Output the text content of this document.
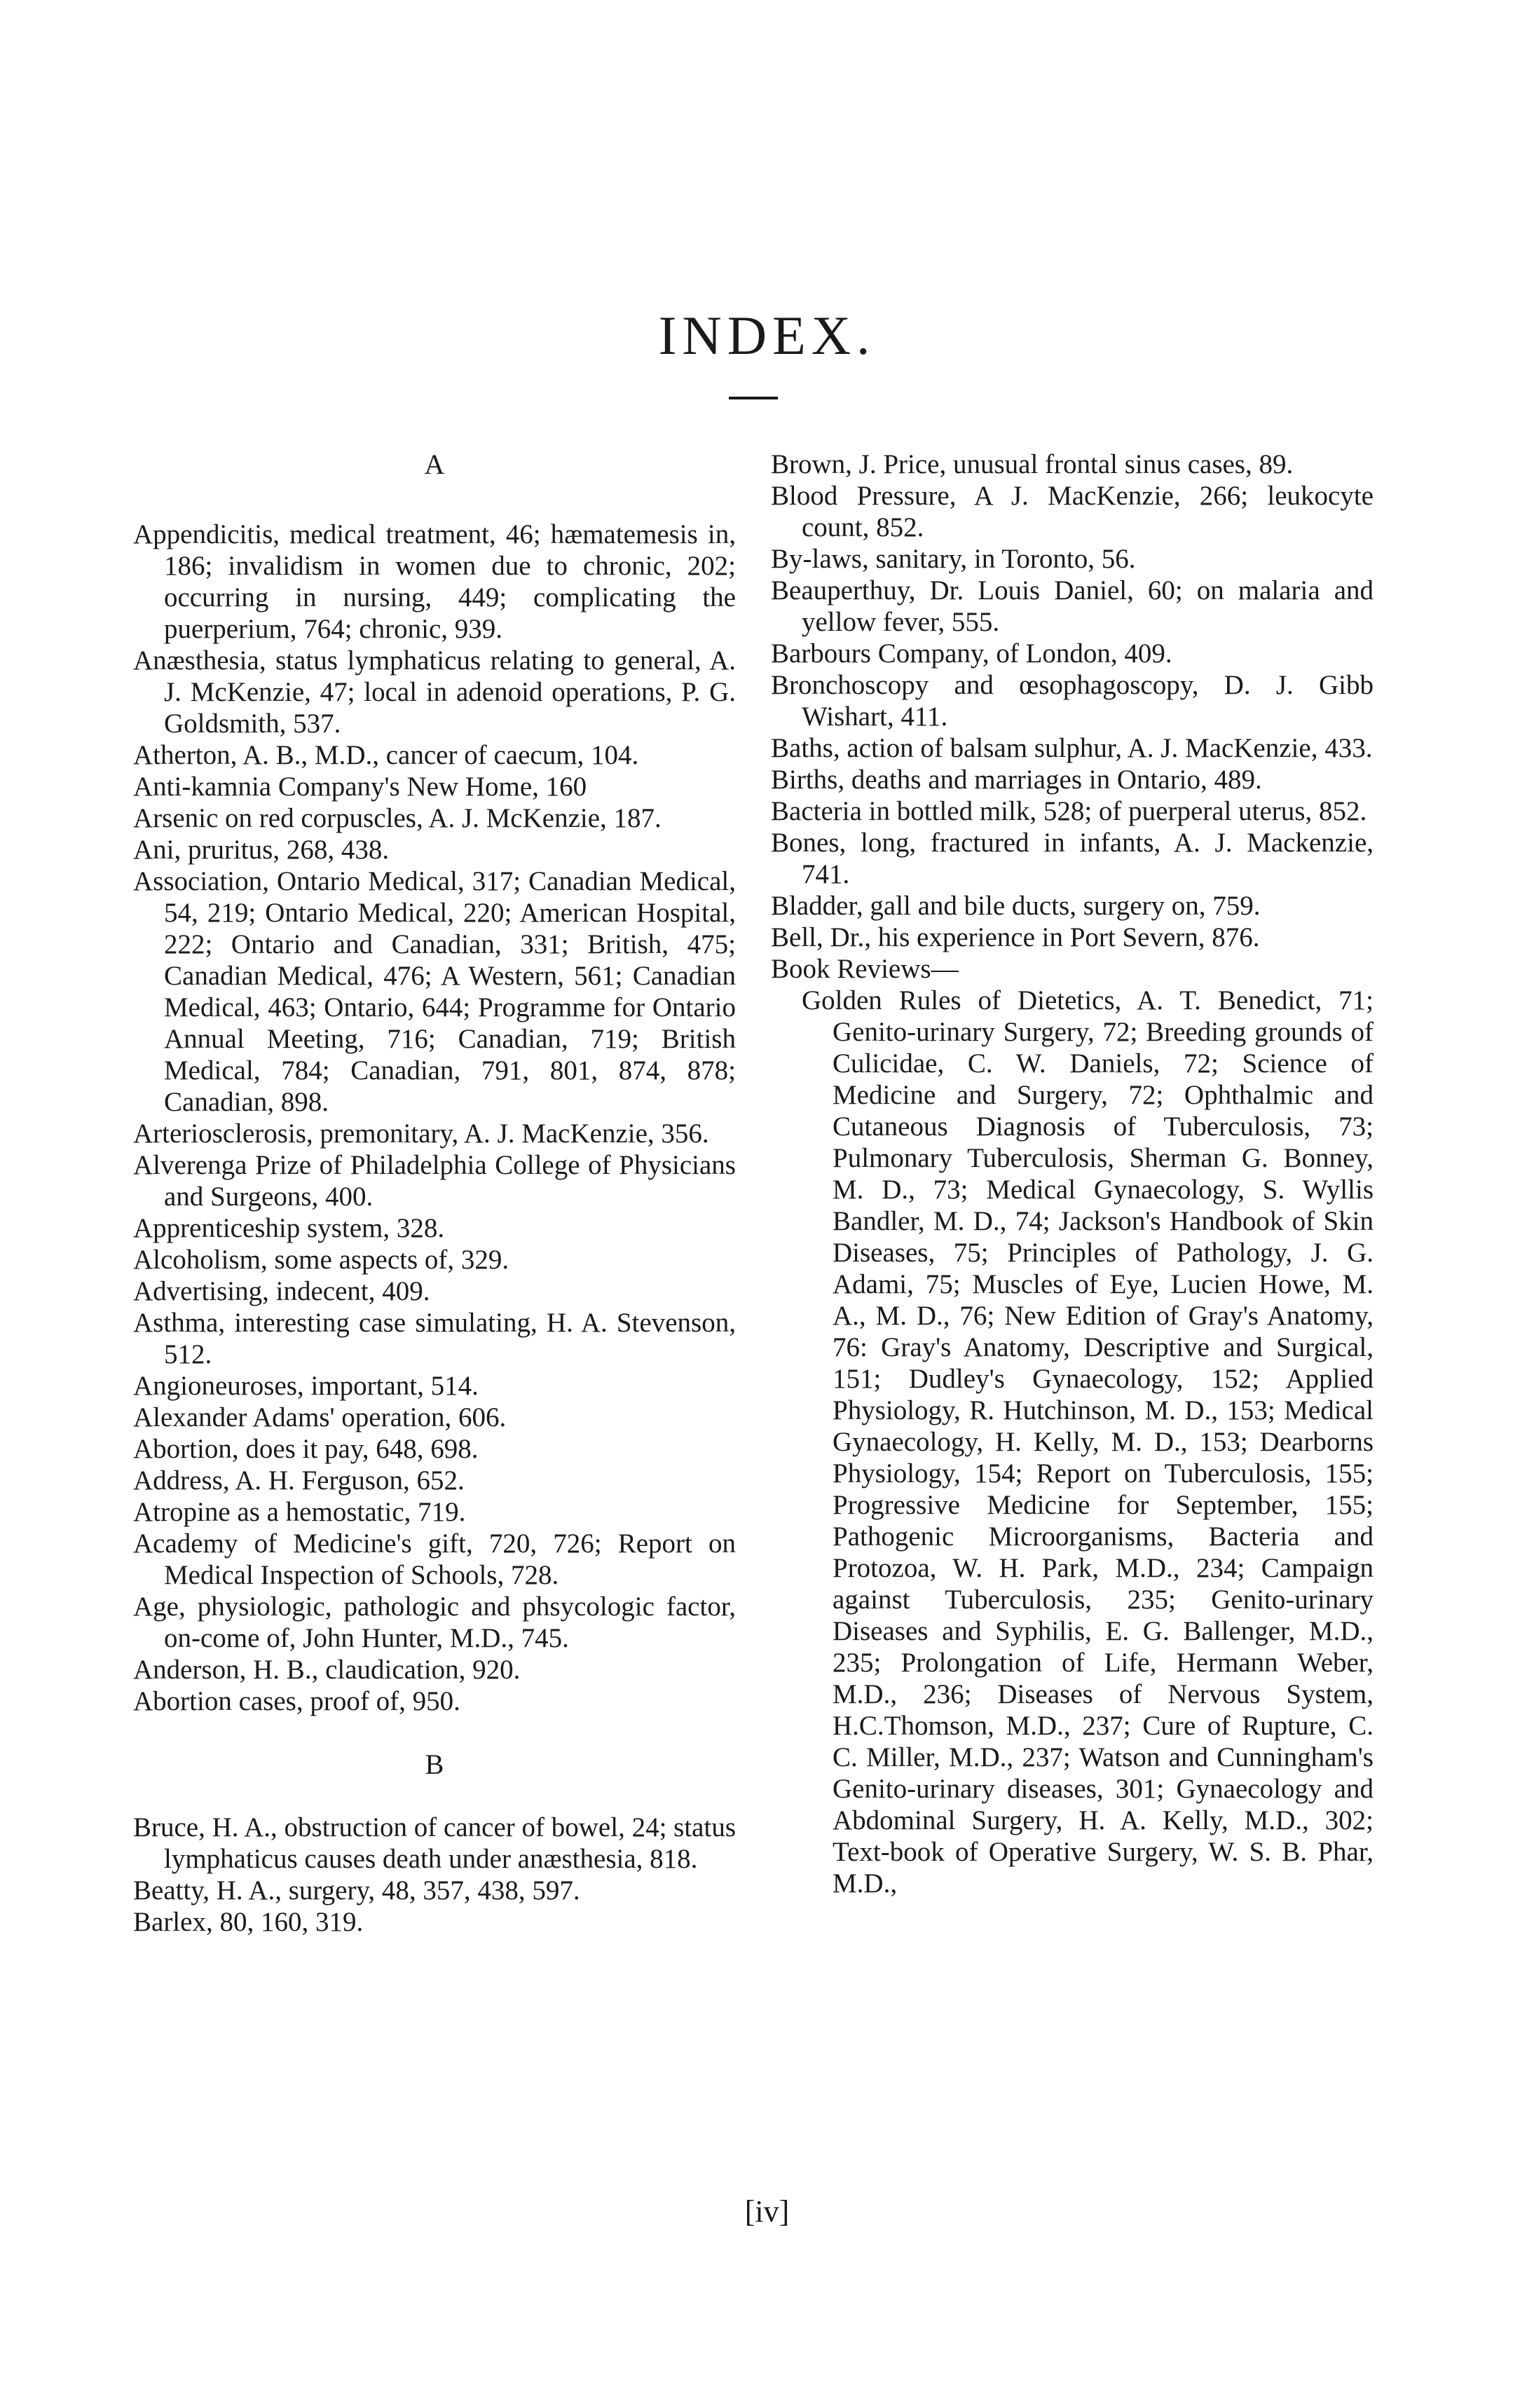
INDEX.
A

Appendicitis, medical treatment, 46; hæmatemesis in, 186; invalidism in women due to chronic, 202; occurring in nursing, 449; complicating the puerperium, 764; chronic, 939.

Anæsthesia, status lymphaticus relating to general, A. J. McKenzie, 47; local in adenoid operations, P. G. Goldsmith, 537.

Atherton, A. B., M.D., cancer of caecum, 104.

Anti-kamnia Company's New Home, 160

Arsenic on red corpuscles, A. J. McKenzie, 187.

Ani, pruritus, 268, 438.

Association, Ontario Medical, 317; Canadian Medical, 54, 219; Ontario Medical, 220; American Hospital, 222; Ontario and Canadian, 331; British, 475; Canadian Medical, 476; A Western, 561; Canadian Medical, 463; Ontario, 644; Programme for Ontario Annual Meeting, 716; Canadian, 719; British Medical, 784; Canadian, 791, 801, 874, 878; Canadian, 898.

Arteriosclerosis, premonitary, A. J. MacKenzie, 356.

Alverenga Prize of Philadelphia College of Physicians and Surgeons, 400.

Apprenticeship system, 328.

Alcoholism, some aspects of, 329.

Advertising, indecent, 409.

Asthma, interesting case simulating, H. A. Stevenson, 512.

Angioneuroses, important, 514.

Alexander Adams' operation, 606.

Abortion, does it pay, 648, 698.

Address, A. H. Ferguson, 652.

Atropine as a hemostatic, 719.

Academy of Medicine's gift, 720, 726; Report on Medical Inspection of Schools, 728.

Age, physiologic, pathologic and phsycologic factor, on-come of, John Hunter, M.D., 745.

Anderson, H. B., claudication, 920.

Abortion cases, proof of, 950.

B

Bruce, H. A., obstruction of cancer of bowel, 24; status lymphaticus causes death under anæsthesia, 818.

Beatty, H. A., surgery, 48, 357, 438, 597.

Barlex, 80, 160, 319.

Brown, J. Price, unusual frontal sinus cases, 89.

Blood Pressure, A J. MacKenzie, 266; leukocyte count, 852.

By-laws, sanitary, in Toronto, 56.

Beauperthuy, Dr. Louis Daniel, 60; on malaria and yellow fever, 555.

Barbours Company, of London, 409.

Bronchoscopy and œsophagoscopy, D. J. Gibb Wishart, 411.

Baths, action of balsam sulphur, A. J. MacKenzie, 433.

Births, deaths and marriages in Ontario, 489.

Bacteria in bottled milk, 528; of puerperal uterus, 852.

Bones, long, fractured in infants, A. J. Mackenzie, 741.

Bladder, gall and bile ducts, surgery on, 759.

Bell, Dr., his experience in Port Severn, 876.

Book Reviews—

Golden Rules of Dietetics, A. T. Benedict, 71; Genito-urinary Surgery, 72; Breeding grounds of Culicidae, C. W. Daniels, 72; Science of Medicine and Surgery, 72; Ophthalmic and Cutaneous Diagnosis of Tuberculosis, 73; Pulmonary Tuberculosis, Sherman G. Bonney, M. D., 73; Medical Gynaecology, S. Wyllis Bandler, M. D., 74; Jackson's Handbook of Skin Diseases, 75; Principles of Pathology, J. G. Adami, 75; Muscles of Eye, Lucien Howe, M. A., M. D., 76; New Edition of Gray's Anatomy, 76: Gray's Anatomy, Descriptive and Surgical, 151; Dudley's Gynaecology, 152; Applied Physiology, R. Hutchinson, M. D., 153; Medical Gynaecology, H. Kelly, M. D., 153; Dearborns Physiology, 154; Report on Tuberculosis, 155; Progressive Medicine for September, 155; Pathogenic Microorganisms, Bacteria and Protozoa, W. H. Park, M.D., 234; Campaign against Tuberculosis, 235; Genito-urinary Diseases and Syphilis, E. G. Ballenger, M.D., 235; Prolongation of Life, Hermann Weber, M.D., 236; Diseases of Nervous System, H.C.Thomson, M.D., 237; Cure of Rupture, C. C. Miller, M.D., 237; Watson and Cunningham's Genito-urinary diseases, 301; Gynaecology and Abdominal Surgery, H. A. Kelly, M.D., 302; Text-book of Operative Surgery, W. S. B. Phar, M.D.,

[iv]
